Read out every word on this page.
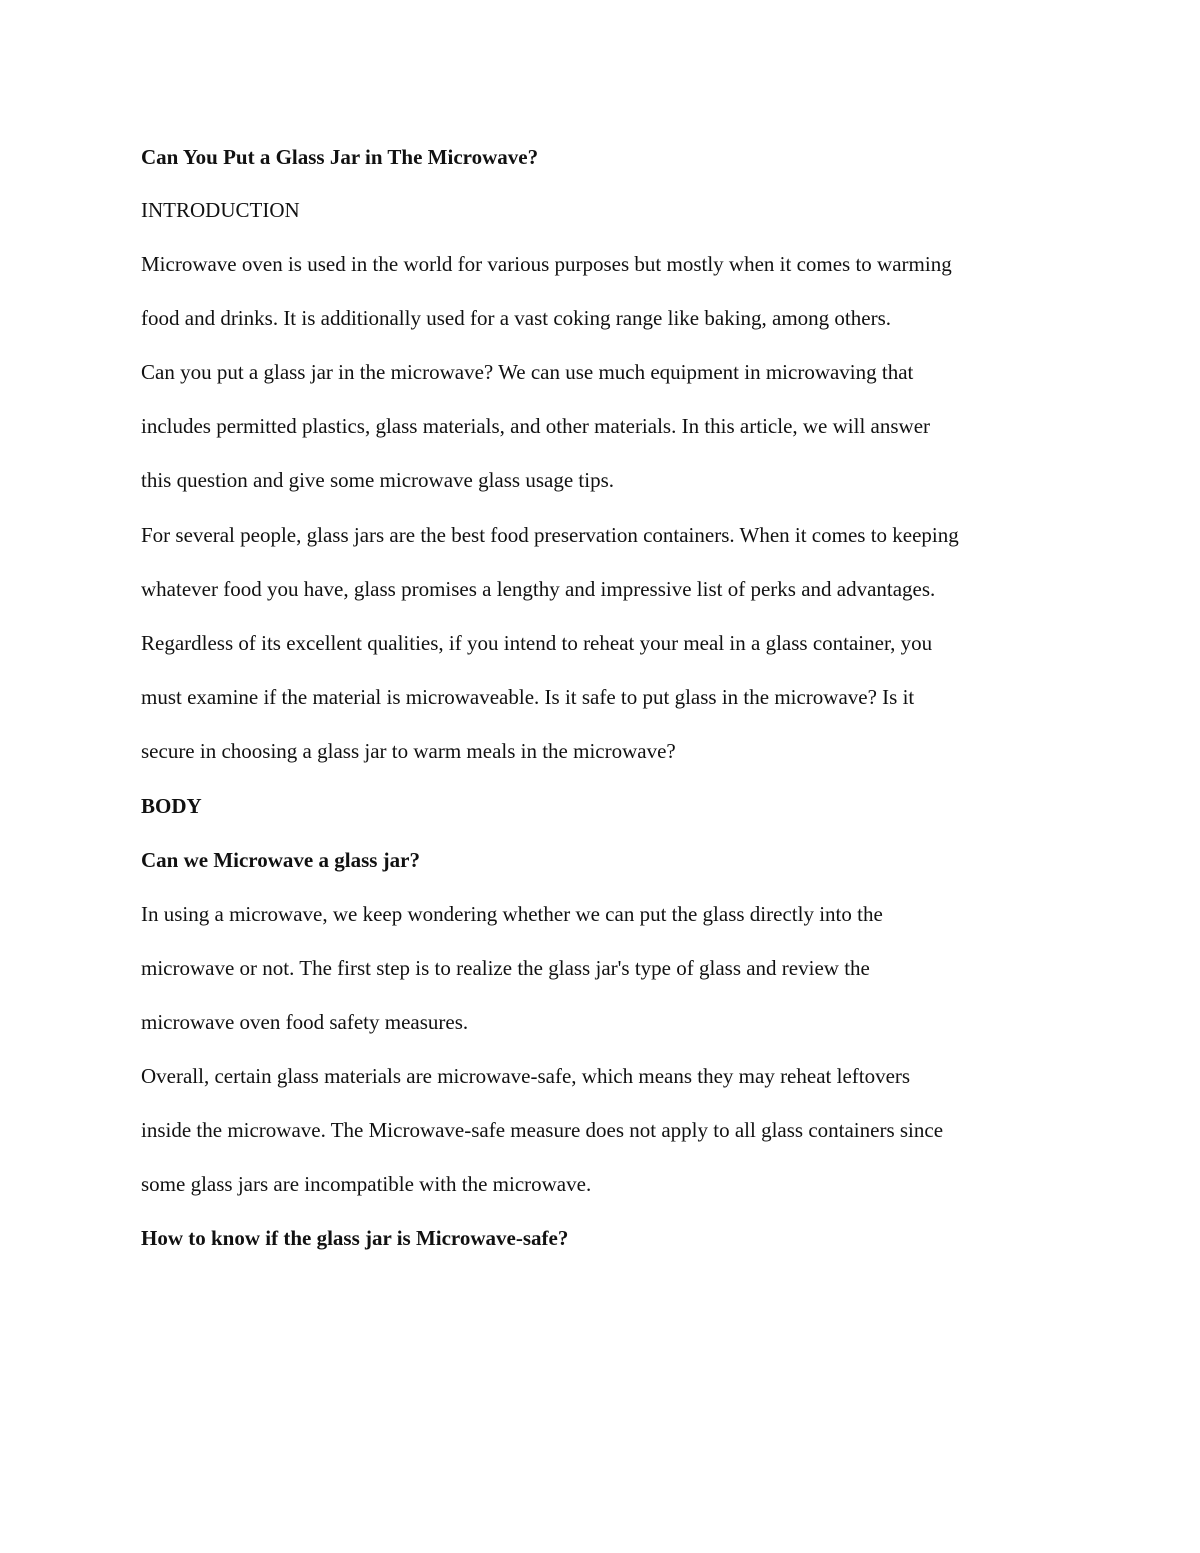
Can You Put a Glass Jar in The Microwave?
INTRODUCTION
Microwave oven is used in the world for various purposes but mostly when it comes to warming
food and drinks. It is additionally used for a vast coking range like baking, among others.
Can you put a glass jar in the microwave? We can use much equipment in microwaving that
includes permitted plastics, glass materials, and other materials. In this article, we will answer
this question and give some microwave glass usage tips.
For several people, glass jars are the best food preservation containers. When it comes to keeping
whatever food you have, glass promises a lengthy and impressive list of perks and advantages.
Regardless of its excellent qualities, if you intend to reheat your meal in a glass container, you
must examine if the material is microwaveable. Is it safe to put glass in the microwave? Is it
secure in choosing a glass jar to warm meals in the microwave?
BODY
Can we Microwave a glass jar?
In using a microwave, we keep wondering whether we can put the glass directly into the
microwave or not. The first step is to realize the glass jar's type of glass and review the
microwave oven food safety measures.
Overall, certain glass materials are microwave-safe, which means they may reheat leftovers
inside the microwave. The Microwave-safe measure does not apply to all glass containers since
some glass jars are incompatible with the microwave.
How to know if the glass jar is Microwave-safe?
